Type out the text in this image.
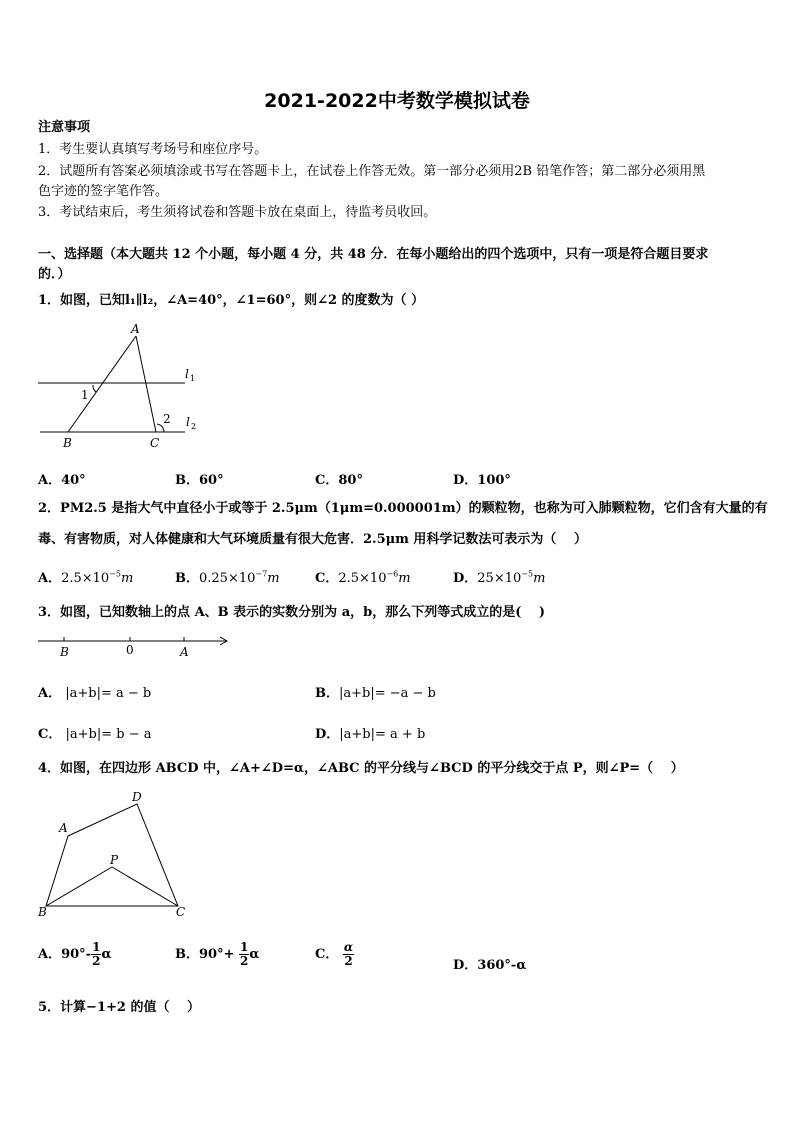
2021-2022中考数学模拟试卷
注意事项
1．考生要认真填写考场号和座位序号。
2．试题所有答案必须填涂或书写在答题卡上，在试卷上作答无效。第一部分必须用2B 铅笔作答；第二部分必须用黑
色字迹的签字笔作答。
3．考试结束后，考生须将试卷和答题卡放在桌面上，待监考员收回。
一、选择题（本大题共 12 个小题，每小题 4 分，共 48 分．在每小题给出的四个选项中，只有一项是符合题目要求
的．）
1．如图，已知l₁∥l₂，∠A=40°，∠1=60°，则∠2 的度数为（ ）
A
B	C
l 1
l 2
1
2
A．40°	B．60°	C．80°	D．100°
2．PM2.5 是指大气中直径小于或等于 2.5μm（1μm=0.000001m）的颗粒物，也称为可入肺颗粒物，它们含有大量的有
毒、有害物质，对人体健康和大气环境质量有很大危害．2.5μm 用科学记数法可表示为（　 ）
A．$2.5\times 10^{-5}m$	B．$0.25\times 10^{-7}m$	C．$2.5\times 10^{-6}m$	D．$25\times 10^{-5}m$
3．如图，已知数轴上的点 A、B 表示的实数分别为 a，b，那么下列等式成立的是(　 )
B	0	A
A． |a+b|= a − b	B．|a+b|= −a − b
C． |a+b|= b − a	D．|a+b|= a + b
4．如图，在四边形 ABCD 中，∠A+∠D=α，∠ABC 的平分线与∠BCD 的平分线交于点 P，则∠P=（　 ）
A
D
P
B	C
A．$90^\circ- \frac{1}{2}$ α	B．$90^\circ+ \frac{1}{2}$ α	C． $\frac{\alpha}{2}$	D．360°-α
5．计算−1+2 的值（　 ）
